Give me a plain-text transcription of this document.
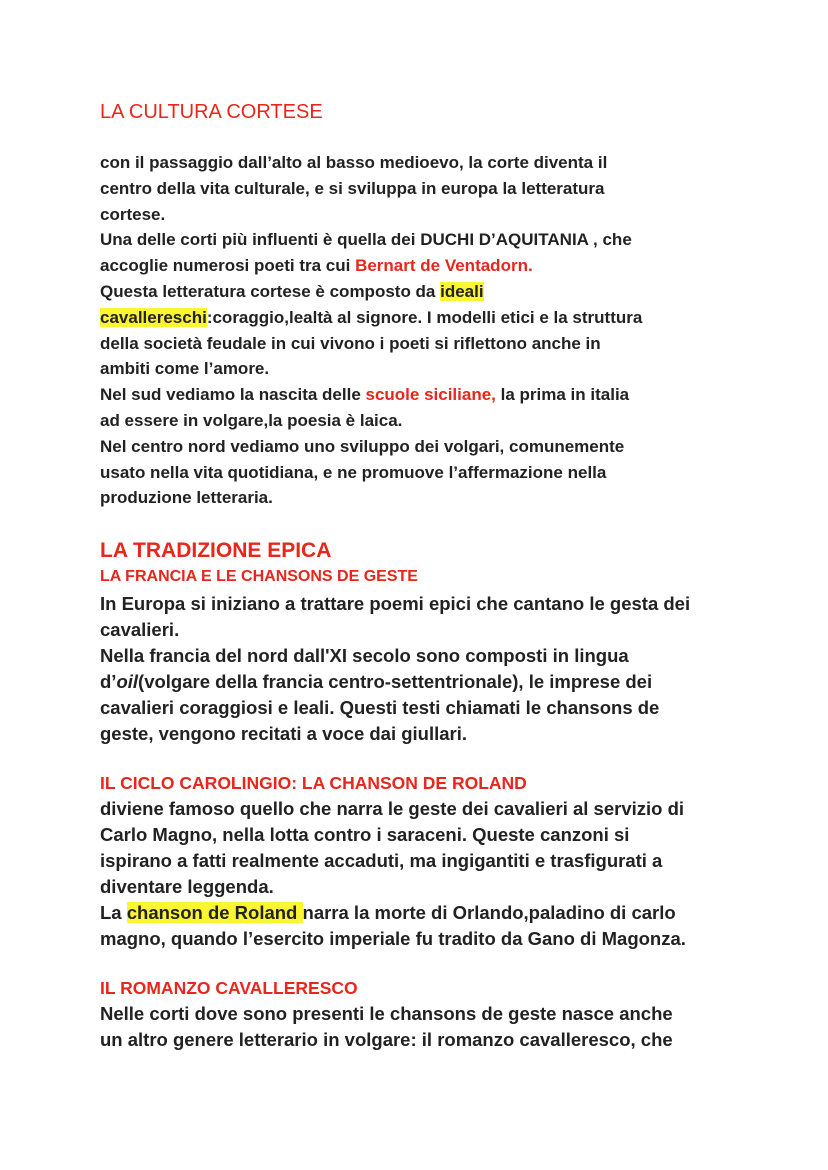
LA CULTURA CORTESE
con il passaggio dall’alto al basso medioevo, la corte diventa il
centro della vita culturale, e si sviluppa in europa la letteratura
cortese.
Una delle corti più influenti è quella dei DUCHI D’AQUITANIA , che
accoglie numerosi poeti tra cui Bernart de Ventadorn.
Questa letteratura cortese è composto da ideali
cavallereschi:coraggio,lealtà al signore. I modelli etici e la struttura
della società feudale in cui vivono i poeti si riflettono anche in
ambiti come l’amore.
Nel sud vediamo la nascita delle scuole siciliane, la prima in italia
ad essere in volgare,la poesia è laica.
Nel centro nord vediamo uno sviluppo dei volgari, comunemente
usato nella vita quotidiana, e ne promuove l’affermazione nella
produzione letteraria.
LA TRADIZIONE EPICA
LA FRANCIA E LE CHANSONS DE GESTE
In Europa si iniziano a trattare poemi epici che cantano le gesta dei
cavalieri.
Nella francia del nord dall'XI secolo sono composti in lingua
d’oil(volgare della francia centro-settentrionale), le imprese dei
cavalieri coraggiosi e leali. Questi testi chiamati le chansons de
geste, vengono recitati a voce dai giullari.
IL CICLO CAROLINGIO: LA CHANSON DE ROLAND
diviene famoso quello che narra le geste dei cavalieri al servizio di
Carlo Magno, nella lotta contro i saraceni. Queste canzoni si
ispirano a fatti realmente accaduti, ma ingigantiti e trasfigurati a
diventare leggenda.
La chanson de Roland narra la morte di Orlando,paladino di carlo
magno, quando l’esercito imperiale fu tradito da Gano di Magonza.
IL ROMANZO CAVALLERESCO
Nelle corti dove sono presenti le chansons de geste nasce anche
un altro genere letterario in volgare: il romanzo cavalleresco, che
